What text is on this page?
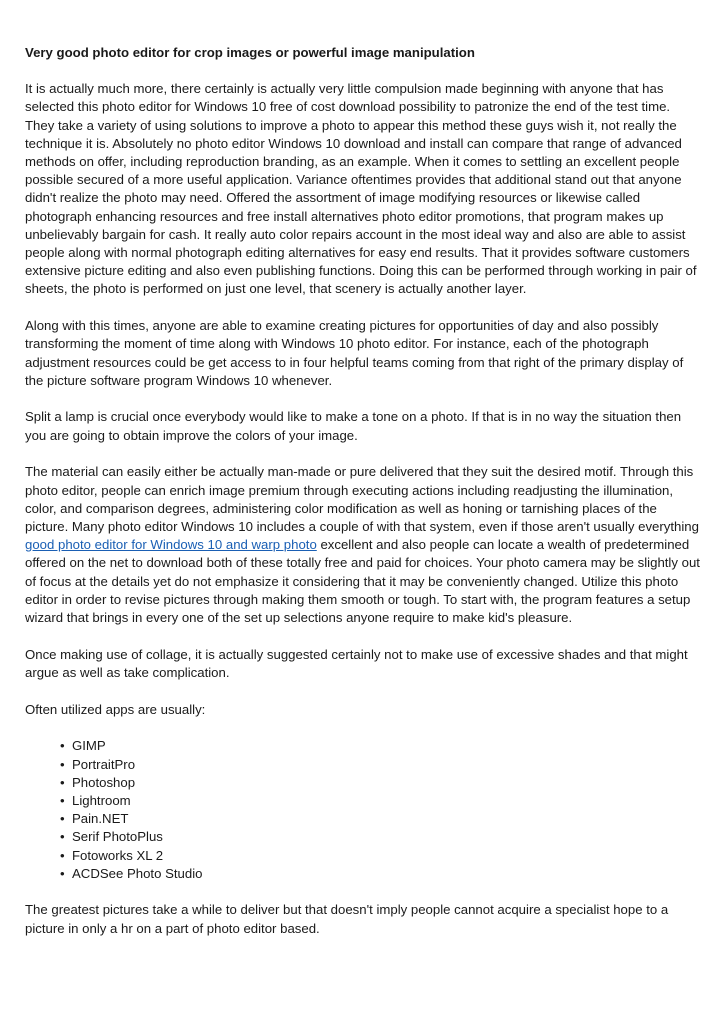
Very good photo editor for crop images or powerful image manipulation

It is actually much more, there certainly is actually very little compulsion made beginning with anyone that has selected this photo editor for Windows 10 free of cost download possibility to patronize the end of the test time. They take a variety of using solutions to improve a photo to appear this method these guys wish it, not really the technique it is. Absolutely no photo editor Windows 10 download and install can compare that range of advanced methods on offer, including reproduction branding, as an example. When it comes to settling an excellent people possible secured of a more useful application. Variance oftentimes provides that additional stand out that anyone didn't realize the photo may need. Offered the assortment of image modifying resources or likewise called photograph enhancing resources and free install alternatives photo editor promotions, that program makes up unbelievably bargain for cash. It really auto color repairs account in the most ideal way and also are able to assist people along with normal photograph editing alternatives for easy end results. That it provides software customers extensive picture editing and also even publishing functions. Doing this can be performed through working in pair of sheets, the photo is performed on just one level, that scenery is actually another layer.

Along with this times, anyone are able to examine creating pictures for opportunities of day and also possibly transforming the moment of time along with Windows 10 photo editor. For instance, each of the photograph adjustment resources could be get access to in four helpful teams coming from that right of the primary display of the picture software program Windows 10 whenever.

Split a lamp is crucial once everybody would like to make a tone on a photo. If that is in no way the situation then you are going to obtain improve the colors of your image.

The material can easily either be actually man-made or pure delivered that they suit the desired motif. Through this photo editor, people can enrich image premium through executing actions including readjusting the illumination, color, and comparison degrees, administering color modification as well as honing or tarnishing places of the picture. Many photo editor Windows 10 includes a couple of with that system, even if those aren't usually everything good photo editor for Windows 10 and warp photo excellent and also people can locate a wealth of predetermined offered on the net to download both of these totally free and paid for choices. Your photo camera may be slightly out of focus at the details yet do not emphasize it considering that it may be conveniently changed. Utilize this photo editor in order to revise pictures through making them smooth or tough. To start with, the program features a setup wizard that brings in every one of the set up selections anyone require to make kid's pleasure.

Once making use of collage, it is actually suggested certainly not to make use of excessive shades and that might argue as well as take complication.

Often utilized apps are usually:

• GIMP
• PortraitPro
• Photoshop
• Lightroom
• Pain.NET
• Serif PhotoPlus
• Fotoworks XL 2
• ACDSee Photo Studio

The greatest pictures take a while to deliver but that doesn't imply people cannot acquire a specialist hope to a picture in only a hr on a part of photo editor based.
